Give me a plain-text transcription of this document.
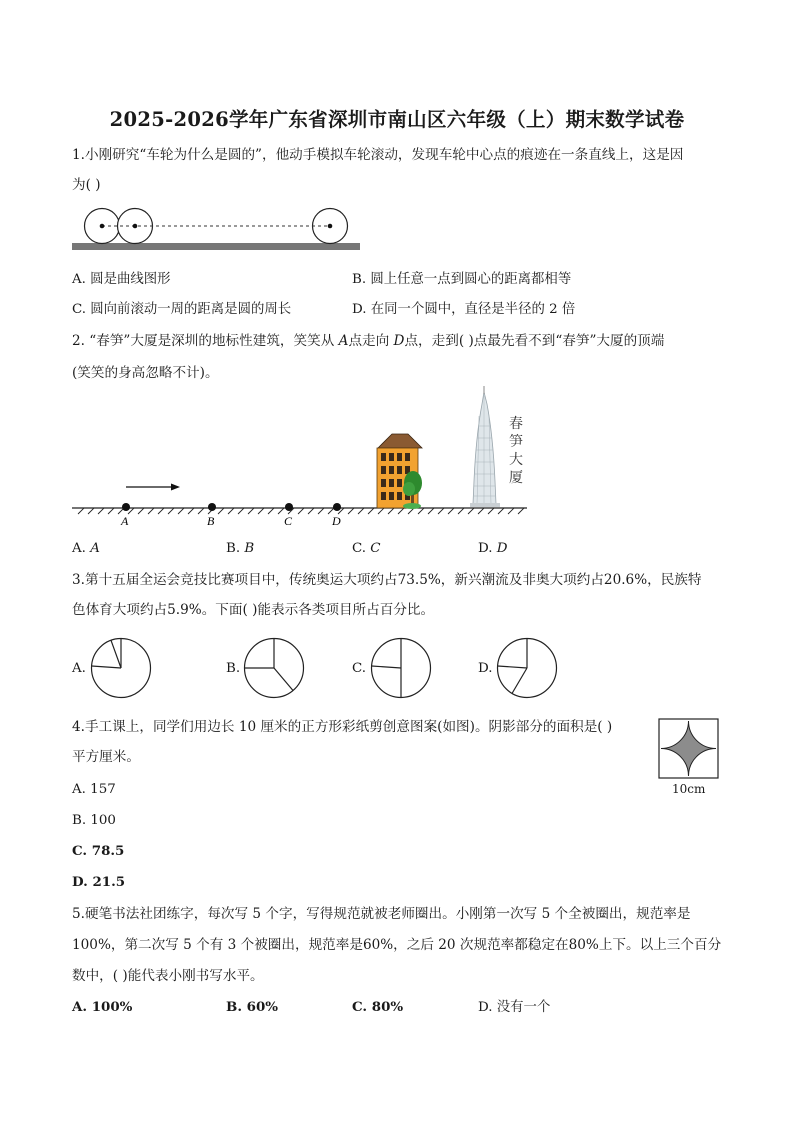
2025-2026学年广东省深圳市南山区六年级（上）期末数学试卷
1.小刚研究“车轮为什么是圆的”，他动手模拟车轮滚动，发现车轮中心点的痕迹在一条直线上，这是因
为( )
A. 圆是曲线图形	B. 圆上任意一点到圆心的距离都相等
C. 圆向前滚动一周的距离是圆的周长	D. 在同一个圆中，直径是半径的 2 倍
2. “春笋”大厦是深圳的地标性建筑，笑笑从 A点走向 D点，走到( )点最先看不到“春笋”大厦的顶端
(笑笑的身高忽略不计)。
A	B	C	D
春
笋
大
厦
A. A	B. B	C. C	D. D
3.第十五届全运会竞技比赛项目中，传统奥运大项约占73.5%，新兴潮流及非奥大项约占20.6%，民族特
色体育大项约占5.9%。下面( )能表示各类项目所占百分比。
A.	B.	C.	D.
4.手工课上，同学们用边长 10 厘米的正方形彩纸剪创意图案(如图)。阴影部分的面积是( )
平方厘米。
10cm
A. 157
B. 100
C. 78.5
D. 21.5
5.硬笔书法社团练字，每次写 5 个字，写得规范就被老师圈出。小刚第一次写 5 个全被圈出，规范率是
100%，第二次写 5 个有 3 个被圈出，规范率是60%，之后 20 次规范率都稳定在80%上下。以上三个百分
数中，( )能代表小刚书写水平。
A. 100%	B. 60%	C. 80%	D. 没有一个
